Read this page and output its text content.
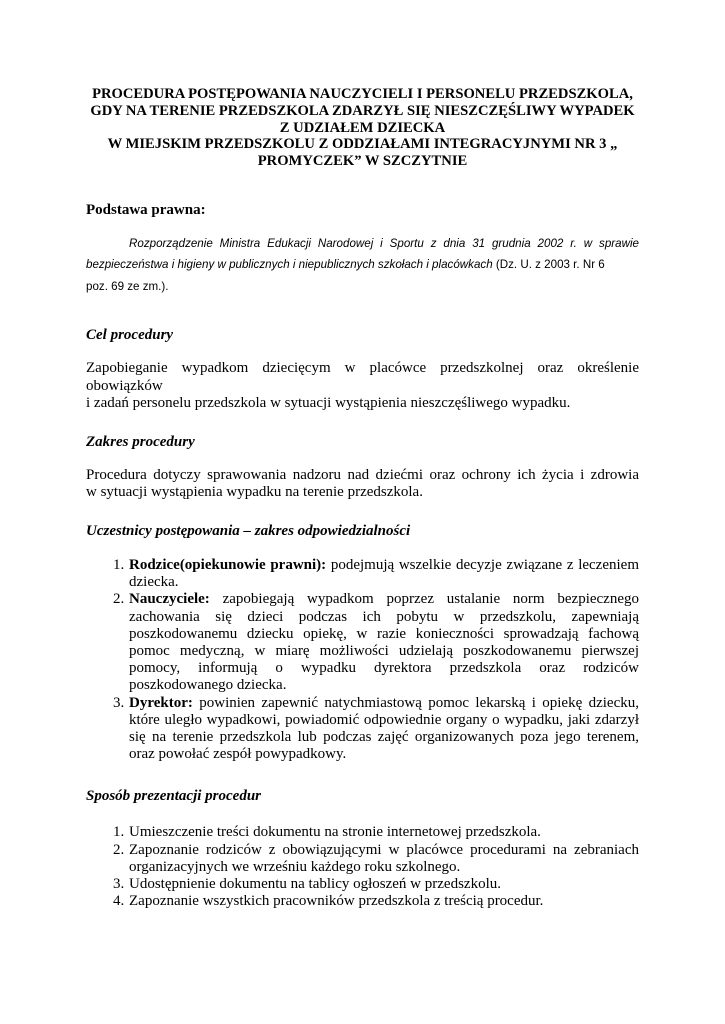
PROCEDURA POSTĘPOWANIA NAUCZYCIELI I PERSONELU PRZEDSZKOLA,
GDY NA TERENIE PRZEDSZKOLA ZDARZYŁ SIĘ NIESZCZĘŚLIWY WYPADEK
Z UDZIAŁEM DZIECKA
W MIEJSKIM PRZEDSZKOLU Z ODDZIAŁAMI INTEGRACYJNYMI NR 3 „
PROMYCZEK” W SZCZYTNIE

Podstawa prawna:

Rozporządzenie Ministra Edukacji Narodowej i Sportu z dnia 31 grudnia 2002 r. w sprawie
bezpieczeństwa i higieny w publicznych i niepublicznych szkołach i placówkach (Dz. U. z 2003 r. Nr 6
poz. 69 ze zm.).

Cel procedury

Zapobieganie wypadkom dziecięcym w placówce przedszkolnej oraz określenie obowiązków
i zadań personelu przedszkola w sytuacji wystąpienia nieszczęśliwego wypadku.

Zakres procedury

Procedura dotyczy sprawowania nadzoru nad dziećmi oraz ochrony ich życia i zdrowia
w sytuacji wystąpienia wypadku na terenie przedszkola.

Uczestnicy postępowania – zakres odpowiedzialności

1. Rodzice(opiekunowie prawni): podejmują wszelkie decyzje związane z leczeniem dziecka.
2. Nauczyciele: zapobiegają wypadkom poprzez ustalanie norm bezpiecznego zachowania się dzieci podczas ich pobytu w przedszkolu, zapewniają poszkodowanemu dziecku opiekę, w razie konieczności sprowadzają fachową pomoc medyczną, w miarę możliwości udzielają poszkodowanemu pierwszej pomocy, informują o wypadku dyrektora przedszkola oraz rodziców poszkodowanego dziecka.
3. Dyrektor: powinien zapewnić natychmiastową pomoc lekarską i opiekę dziecku, które uległo wypadkowi, powiadomić odpowiednie organy o wypadku, jaki zdarzył się na terenie przedszkola lub podczas zajęć organizowanych poza jego terenem, oraz powołać zespół powypadkowy.

Sposób prezentacji procedur

1. Umieszczenie treści dokumentu na stronie internetowej przedszkola.
2. Zapoznanie rodziców z obowiązującymi w placówce procedurami na zebraniach organizacyjnych we wrześniu każdego roku szkolnego.
3. Udostępnienie dokumentu na tablicy ogłoszeń w przedszkolu.
4. Zapoznanie wszystkich pracowników przedszkola z treścią procedur.
